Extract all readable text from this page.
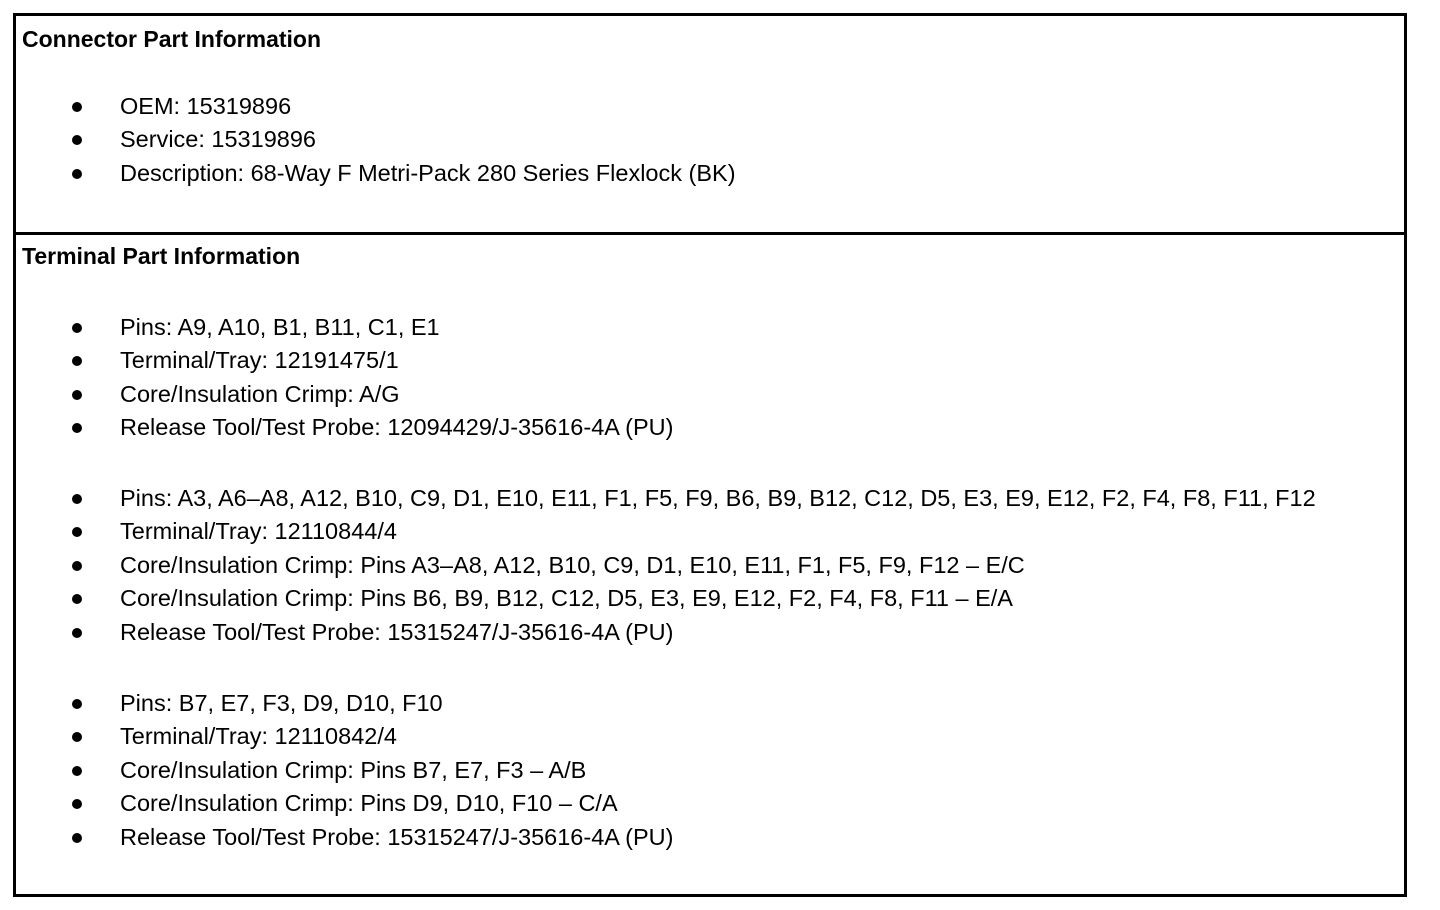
Connector Part Information
OEM: 15319896
Service: 15319896
Description: 68-Way F Metri-Pack 280 Series Flexlock (BK)
Terminal Part Information
Pins: A9, A10, B1, B11, C1, E1
Terminal/Tray: 12191475/1
Core/Insulation Crimp: A/G
Release Tool/Test Probe: 12094429/J-35616-4A (PU)
Pins: A3, A6–A8, A12, B10, C9, D1, E10, E11, F1, F5, F9, B6, B9, B12, C12, D5, E3, E9, E12, F2, F4, F8, F11, F12
Terminal/Tray: 12110844/4
Core/Insulation Crimp: Pins A3–A8, A12, B10, C9, D1, E10, E11, F1, F5, F9, F12 – E/C
Core/Insulation Crimp: Pins B6, B9, B12, C12, D5, E3, E9, E12, F2, F4, F8, F11 – E/A
Release Tool/Test Probe: 15315247/J-35616-4A (PU)
Pins: B7, E7, F3, D9, D10, F10
Terminal/Tray: 12110842/4
Core/Insulation Crimp: Pins B7, E7, F3 – A/B
Core/Insulation Crimp: Pins D9, D10, F10 – C/A
Release Tool/Test Probe: 15315247/J-35616-4A (PU)
